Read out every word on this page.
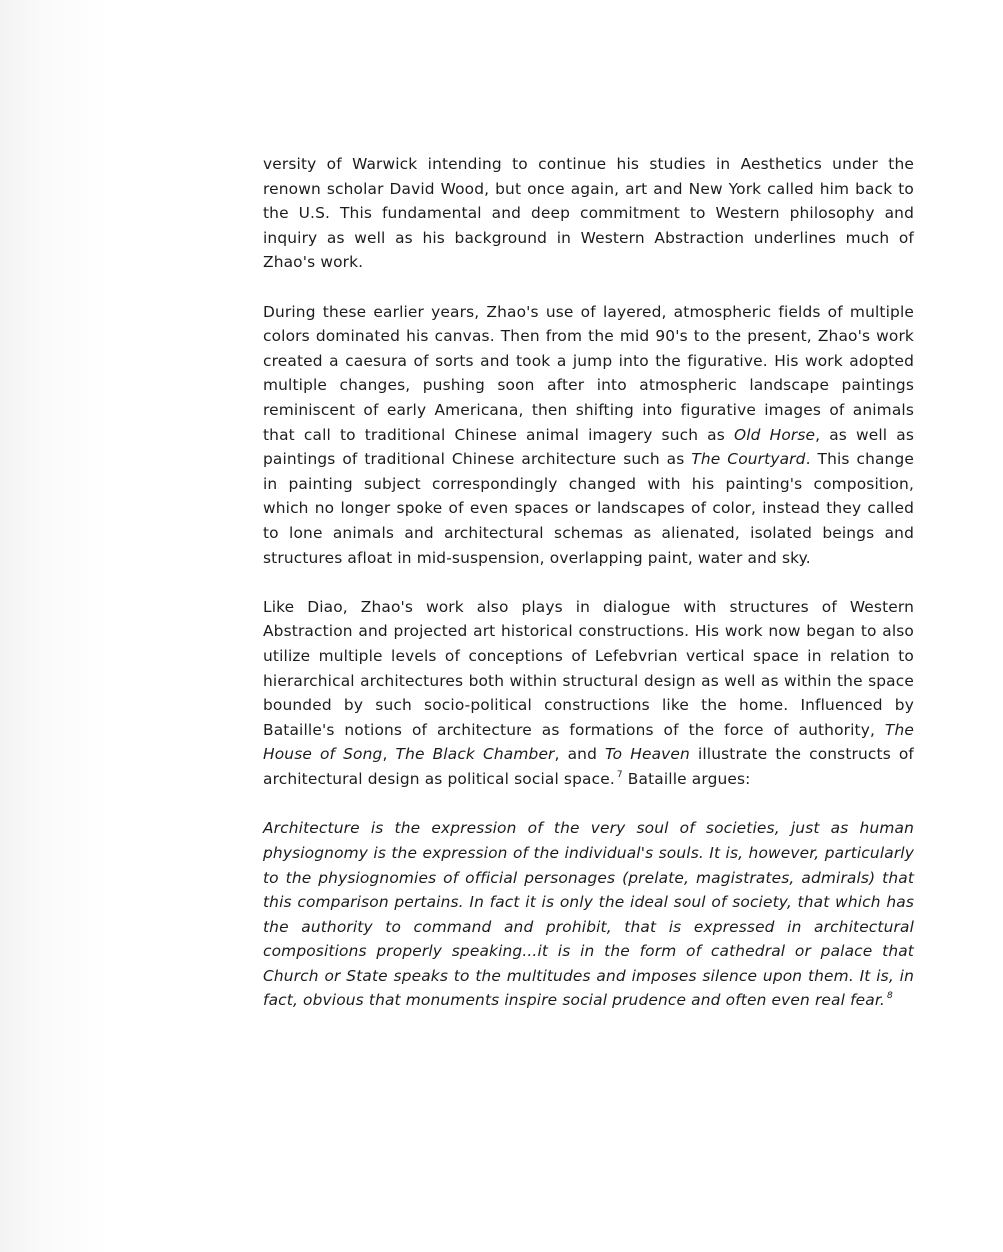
versity of Warwick intending to continue his studies in Aesthetics under the renown scholar David Wood, but once again, art and New York called him back to the U.S. This fundamental and deep commitment to Western philosophy and inquiry as well as his background in Western Abstraction underlines much of Zhao's work.

During these earlier years, Zhao's use of layered, atmospheric fields of multiple colors dominated his canvas. Then from the mid 90's to the present, Zhao's work created a caesura of sorts and took a jump into the figurative. His work adopted multiple changes, pushing soon after into atmospheric landscape paintings reminiscent of early Americana, then shifting into figurative images of animals that call to traditional Chinese animal imagery such as Old Horse, as well as paintings of traditional Chinese architecture such as The Courtyard. This change in painting subject correspondingly changed with his painting's composition, which no longer spoke of even spaces or landscapes of color, instead they called to lone animals and architectural schemas as alienated, isolated beings and structures afloat in mid-suspension, overlapping paint, water and sky.

Like Diao, Zhao's work also plays in dialogue with structures of Western Abstraction and projected art historical constructions. His work now began to also utilize multiple levels of conceptions of Lefebvrian vertical space in relation to hierarchical architectures both within structural design as well as within the space bounded by such socio-political constructions like the home. Influenced by Bataille's notions of architecture as formations of the force of authority, The House of Song, The Black Chamber, and To Heaven illustrate the constructs of architectural design as political social space. $^7$ Bataille argues:

Architecture is the expression of the very soul of societies, just as human physiognomy is the expression of the individual's souls. It is, however, particularly to the physiognomies of official personages (prelate, magistrates, admirals) that this comparison pertains. In fact it is only the ideal soul of society, that which has the authority to command and prohibit, that is expressed in architectural compositions properly speaking...it is in the form of cathedral or palace that Church or State speaks to the multitudes and imposes silence upon them. It is, in fact, obvious that monuments inspire social prudence and often even real fear. $^8$
